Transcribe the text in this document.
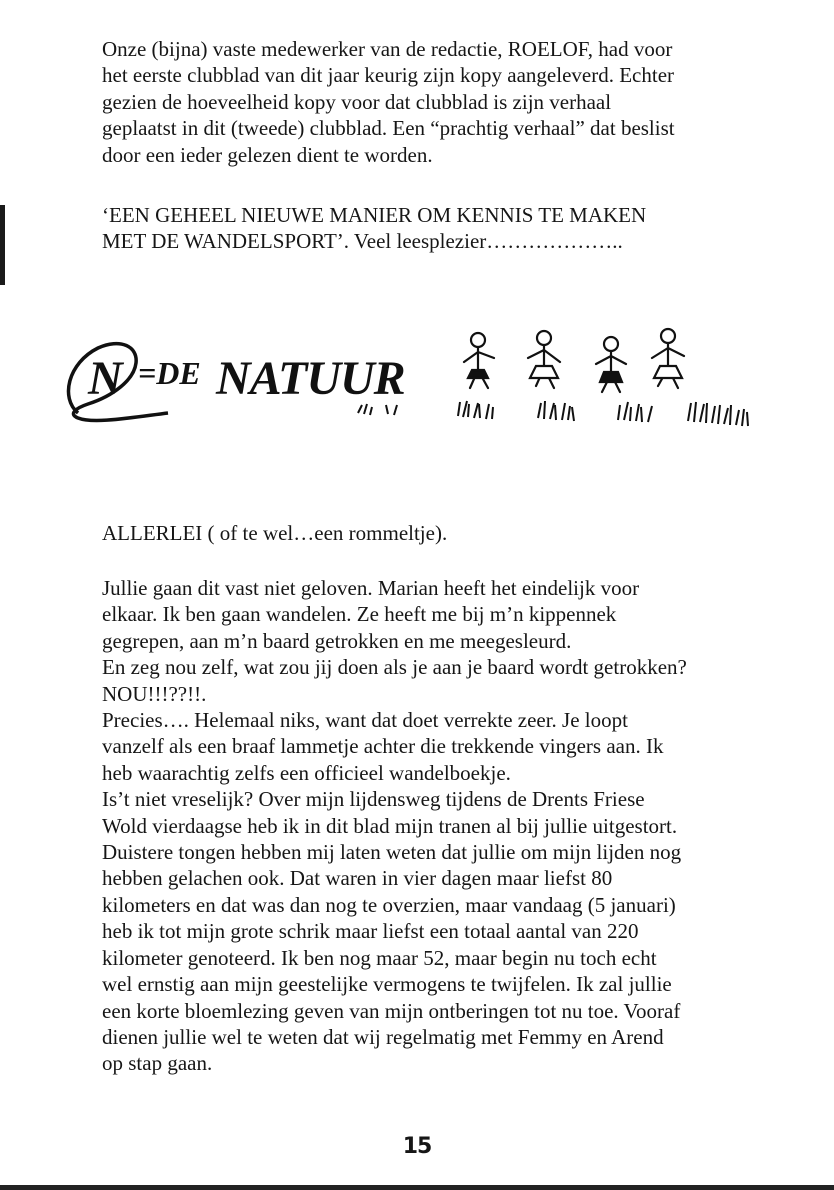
Onze (bijna) vaste medewerker van de redactie, ROELOF, had voor
het eerste clubblad van dit jaar keurig zijn kopy aangeleverd. Echter
gezien de hoeveelheid kopy voor dat clubblad is zijn verhaal
geplaatst in dit (tweede) clubblad. Een “prachtig verhaal” dat beslist
door een ieder gelezen dient te worden.
‘EEN GEHEEL NIEUWE MANIER OM KENNIS TE MAKEN
MET DE WANDELSPORT’. Veel leesplezier………………..
N =DE NATUUR
ALLERLEI ( of te wel…een rommeltje).
Jullie gaan dit vast niet geloven. Marian heeft het eindelijk voor
elkaar. Ik ben gaan wandelen. Ze heeft me bij m’n kippennek
gegrepen, aan m’n baard getrokken en me meegesleurd.
En zeg nou zelf, wat zou jij doen als je aan je baard wordt getrokken?
NOU!!!??!!.
Precies…. Helemaal niks, want dat doet verrekte zeer. Je loopt
vanzelf als een braaf lammetje achter die trekkende vingers aan. Ik
heb waarachtig zelfs een officieel wandelboekje.
Is’t niet vreselijk? Over mijn lijdensweg tijdens de Drents Friese
Wold vierdaagse heb ik in dit blad mijn tranen al bij jullie uitgestort.
Duistere tongen hebben mij laten weten dat jullie om mijn lijden nog
hebben gelachen ook. Dat waren in vier dagen maar liefst 80
kilometers en dat was dan nog te overzien, maar vandaag (5 januari)
heb ik tot mijn grote schrik maar liefst een totaal aantal van 220
kilometer genoteerd. Ik ben nog maar 52, maar begin nu toch echt
wel ernstig aan mijn geestelijke vermogens te twijfelen. Ik zal jullie
een korte bloemlezing geven van mijn ontberingen tot nu toe. Vooraf
dienen jullie wel te weten dat wij regelmatig met Femmy en Arend
op stap gaan.
15
